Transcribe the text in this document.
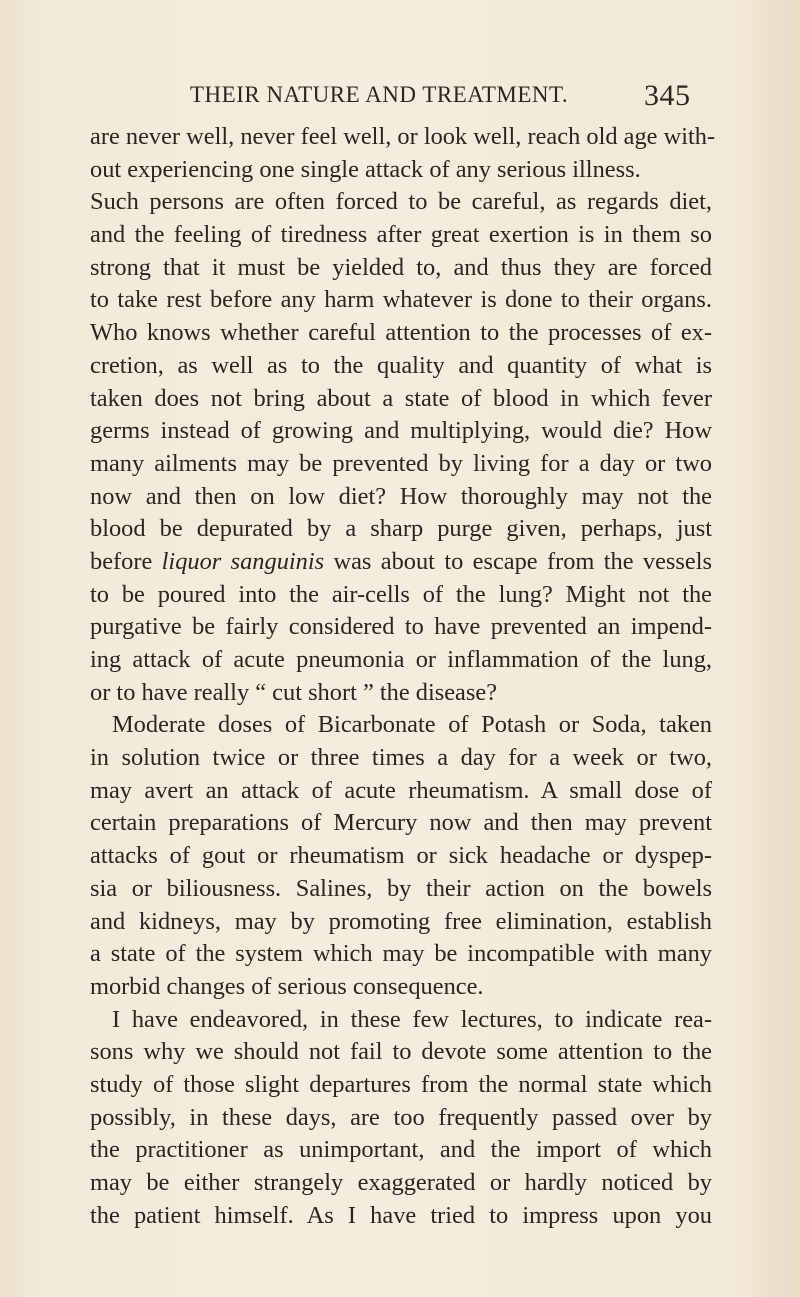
THEIR NATURE AND TREATMENT.	345
are never well, never feel well, or look well, reach old age with-
out experiencing one single attack of any serious illness.
Such persons are often forced to be careful, as regards diet,
and the feeling of tiredness after great exertion is in them so
strong that it must be yielded to, and thus they are forced
to take rest before any harm whatever is done to their organs.
Who knows whether careful attention to the processes of ex-
cretion, as well as to the quality and quantity of what is
taken does not bring about a state of blood in which fever
germs instead of growing and multiplying, would die? How
many ailments may be prevented by living for a day or two
now and then on low diet? How thoroughly may not the
blood be depurated by a sharp purge given, perhaps, just
before liquor sanguinis was about to escape from the vessels
to be poured into the air-cells of the lung? Might not the
purgative be fairly considered to have prevented an impend-
ing attack of acute pneumonia or inflammation of the lung,
or to have really “ cut short ” the disease?
Moderate doses of Bicarbonate of Potash or Soda, taken
in solution twice or three times a day for a week or two,
may avert an attack of acute rheumatism. A small dose of
certain preparations of Mercury now and then may prevent
attacks of gout or rheumatism or sick headache or dyspep-
sia or biliousness. Salines, by their action on the bowels
and kidneys, may by promoting free elimination, establish
a state of the system which may be incompatible with many
morbid changes of serious consequence.
I have endeavored, in these few lectures, to indicate rea-
sons why we should not fail to devote some attention to the
study of those slight departures from the normal state which
possibly, in these days, are too frequently passed over by
the practitioner as unimportant, and the import of which
may be either strangely exaggerated or hardly noticed by
the patient himself. As I have tried to impress upon you
